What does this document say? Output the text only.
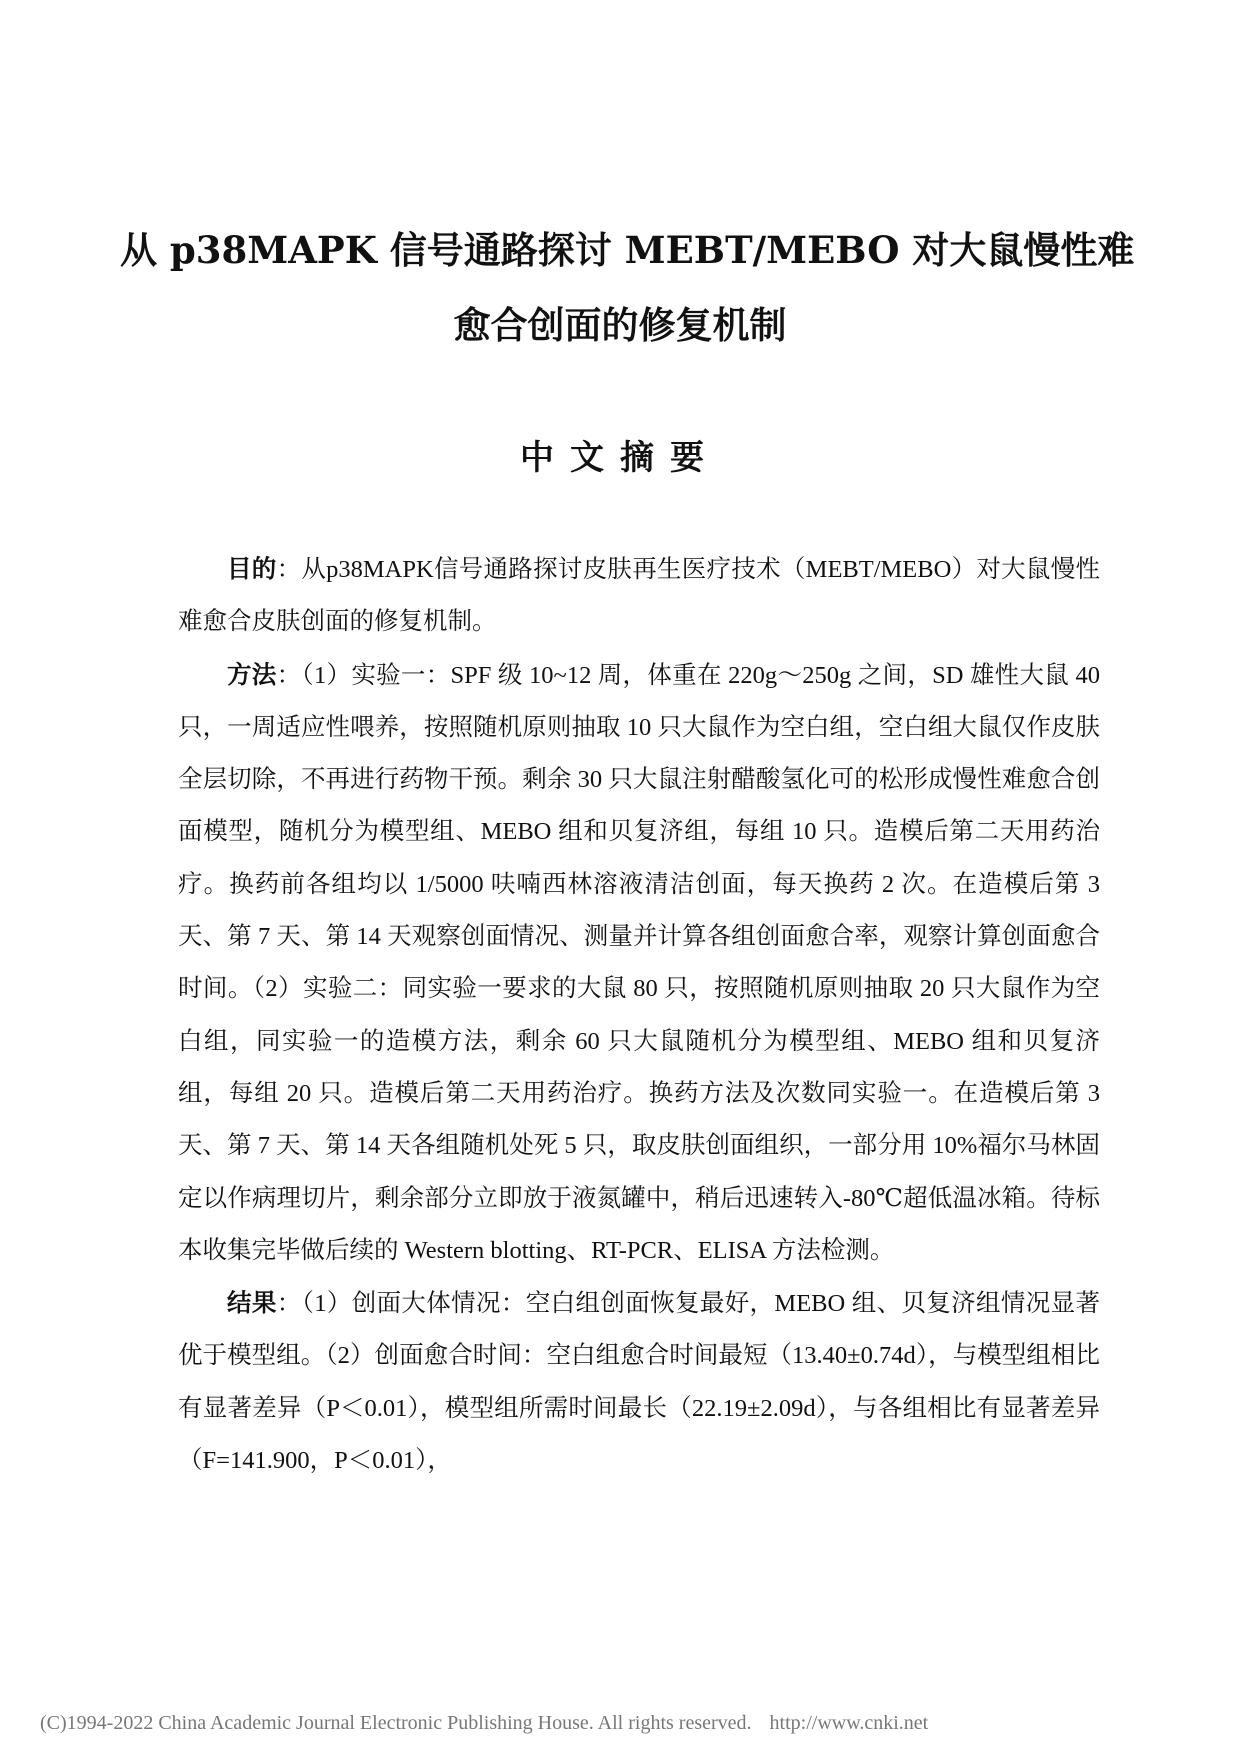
从 p38MAPK 信号通路探讨 MEBT/MEBO 对大鼠慢性难
愈合创面的修复机制
中文摘要

目的：从p38MAPK信号通路探讨皮肤再生医疗技术（MEBT/MEBO）对大鼠慢性难愈合皮肤创面的修复机制。

方法：（1）实验一：SPF 级 10~12 周，体重在 220g～250g 之间，SD 雄性大鼠 40 只，一周适应性喂养，按照随机原则抽取 10 只大鼠作为空白组，空白组大鼠仅作皮肤全层切除，不再进行药物干预。剩余 30 只大鼠注射醋酸氢化可的松形成慢性难愈合创面模型，随机分为模型组、MEBO 组和贝复济组，每组 10 只。造模后第二天用药治疗。换药前各组均以 1/5000 呋喃西林溶液清洁创面，每天换药 2 次。在造模后第 3 天、第 7 天、第 14 天观察创面情况、测量并计算各组创面愈合率，观察计算创面愈合时间。（2）实验二：同实验一要求的大鼠 80 只，按照随机原则抽取 20 只大鼠作为空白组，同实验一的造模方法，剩余 60 只大鼠随机分为模型组、MEBO 组和贝复济组，每组 20 只。造模后第二天用药治疗。换药方法及次数同实验一。在造模后第 3 天、第 7 天、第 14 天各组随机处死 5 只，取皮肤创面组织，一部分用 10%福尔马林固定以作病理切片，剩余部分立即放于液氮罐中，稍后迅速转入-80℃超低温冰箱。待标本收集完毕做后续的 Western blotting、RT-PCR、ELISA 方法检测。

结果：（1）创面大体情况：空白组创面恢复最好，MEBO 组、贝复济组情况显著优于模型组。（2）创面愈合时间：空白组愈合时间最短（13.40±0.74d），与模型组相比有显著差异（P＜0.01），模型组所需时间最长（22.19±2.09d），与各组相比有显著差异（F=141.900，P＜0.01），

(C)1994-2022 China Academic Journal Electronic Publishing House. All rights reserved. http://www.cnki.net
